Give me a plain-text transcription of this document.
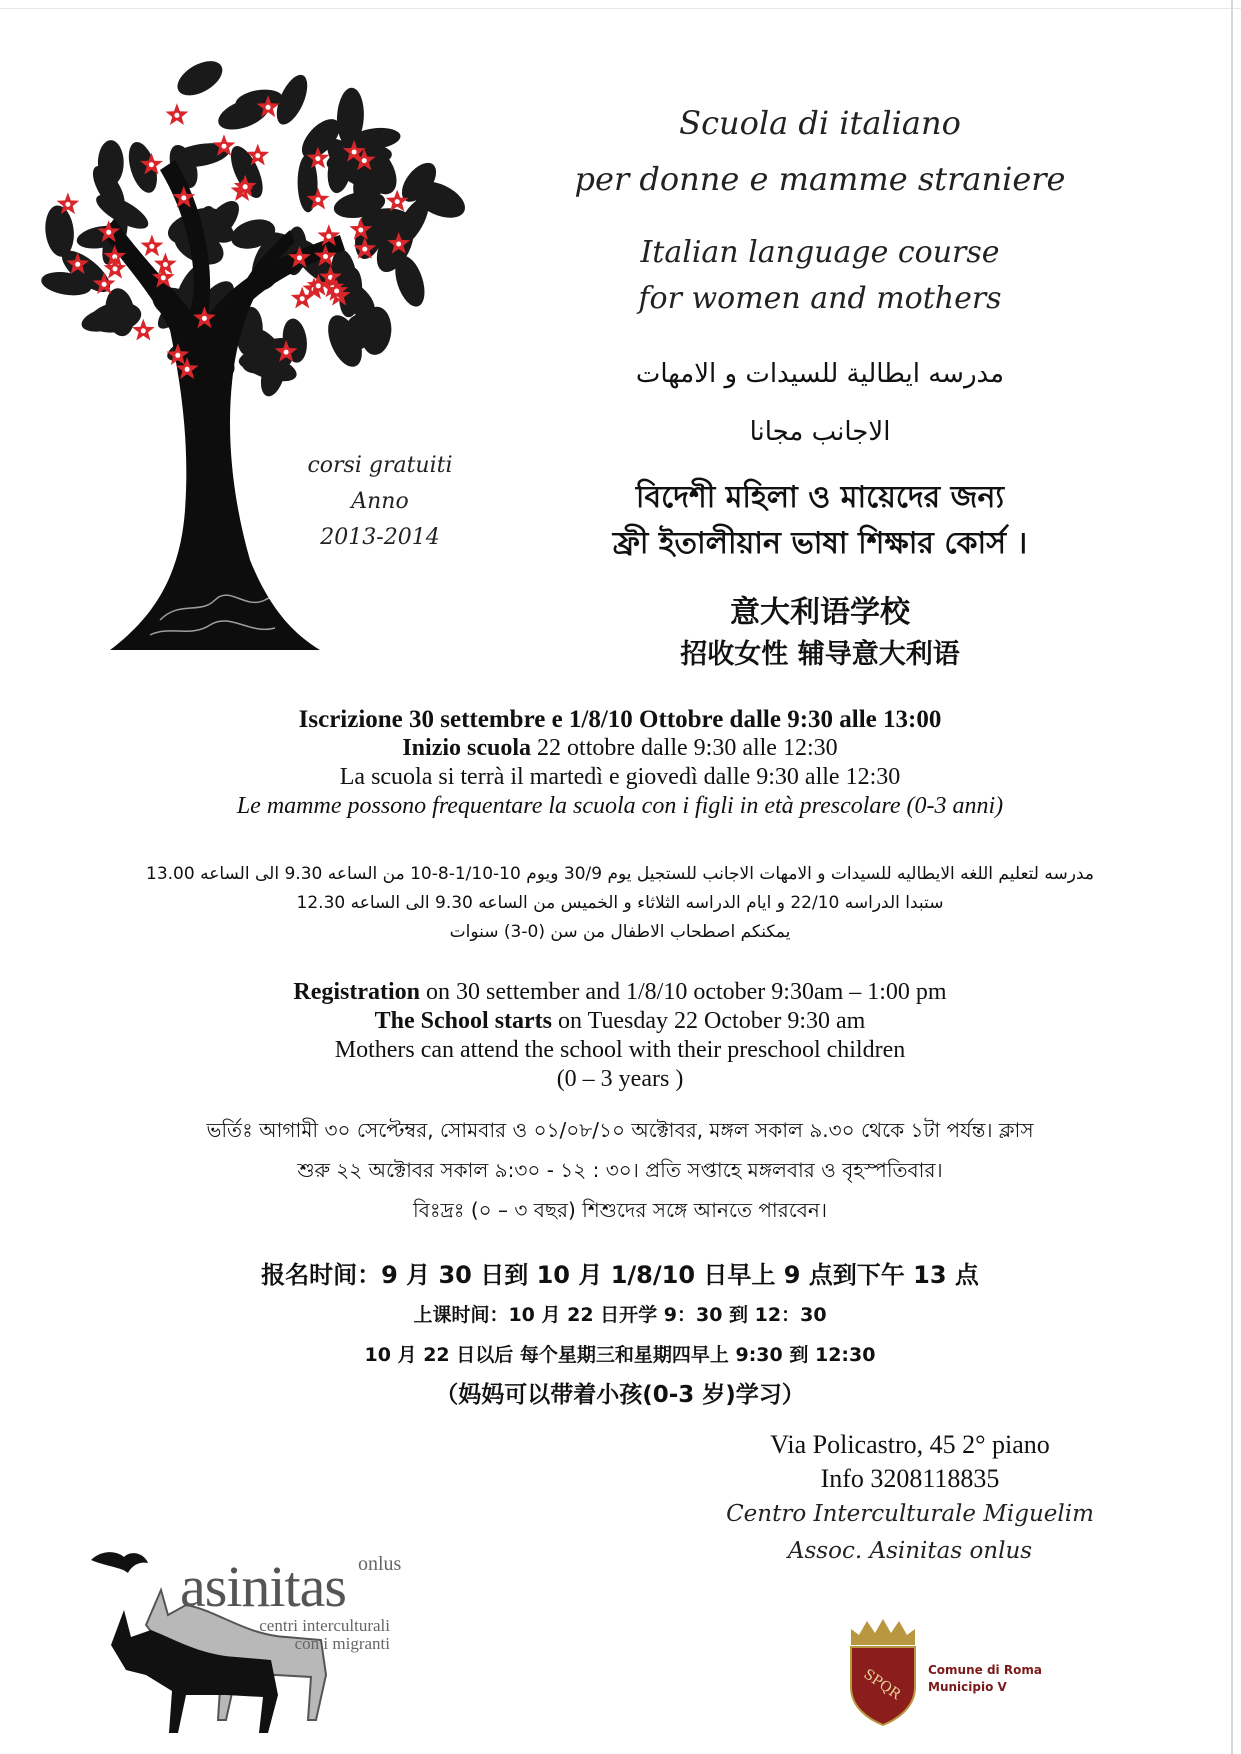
corsi gratuiti
Anno
2013-2014
Scuola di italiano
per donne e mamme straniere
Italian language course
for women and mothers
مدرسه ايطالية للسيدات و الامهات
الاجانب مجانا
বিদেশী মহিলা ও মায়েদের জন্য
ফ্রী ইতালীয়ান ভাষা শিক্ষার কোর্স ।
意大利语学校
招收女性 辅导意大利语
Iscrizione 30 settembre e 1/8/10 Ottobre dalle 9:30 alle 13:00
Inizio scuola 22 ottobre dalle 9:30 alle 12:30
La scuola si terrà il martedì e giovedì dalle 9:30 alle 12:30
Le mamme possono frequentare la scuola con i figli in età prescolare (0-3 anni)
مدرسه لتعليم اللغه الايطاليه للسيدات و الامهات الاجانب للستجيل يوم 30/9 ويوم 10-1/10-8-10 من الساعه 9.30 الى الساعه 13.00
ستبدا الدراسه 22/10 و ايام الدراسه الثلاثاء و الخميس من الساعه 9.30 الى الساعه 12.30
يمكنكم اصطحاب الاطفال من سن (0-3) سنوات
Registration on 30 settember and 1/8/10 october 9:30am – 1:00 pm
The School starts on Tuesday 22 October 9:30 am
Mothers can attend the school with their preschool children
(0 – 3 years )
ভর্তিঃ আগামী ৩০ সেপ্টেম্বর, সোমবার ও ০১/০৮/১০ অক্টোবর, মঙ্গল সকাল ৯.৩০ থেকে ১টা পর্যন্ত। ক্লাস
শুরু ২২ অক্টোবর সকাল ৯:৩০ - ১২ : ৩০। প্রতি সপ্তাহে মঙ্গলবার ও বৃহস্পতিবার।
বিঃদ্রঃ (০ – ৩ বছর) শিশুদের সঙ্গে আনতে পারবেন।
报名时间：9 月 30 日到 10 月 1/8/10 日早上 9 点到下午 13 点
上课时间：10 月 22 日开学 9：30 到 12：30
10 月 22 日以后 每个星期三和星期四早上 9:30 到 12:30
（妈妈可以带着小孩(0-3 岁)学习）
Via Policastro, 45 2° piano
Info 3208118835
Centro Interculturale Miguelim
Assoc. Asinitas onlus
asinitas onlus
centri interculturali
con i migranti
SPQR Comune di Roma
Municipio V
